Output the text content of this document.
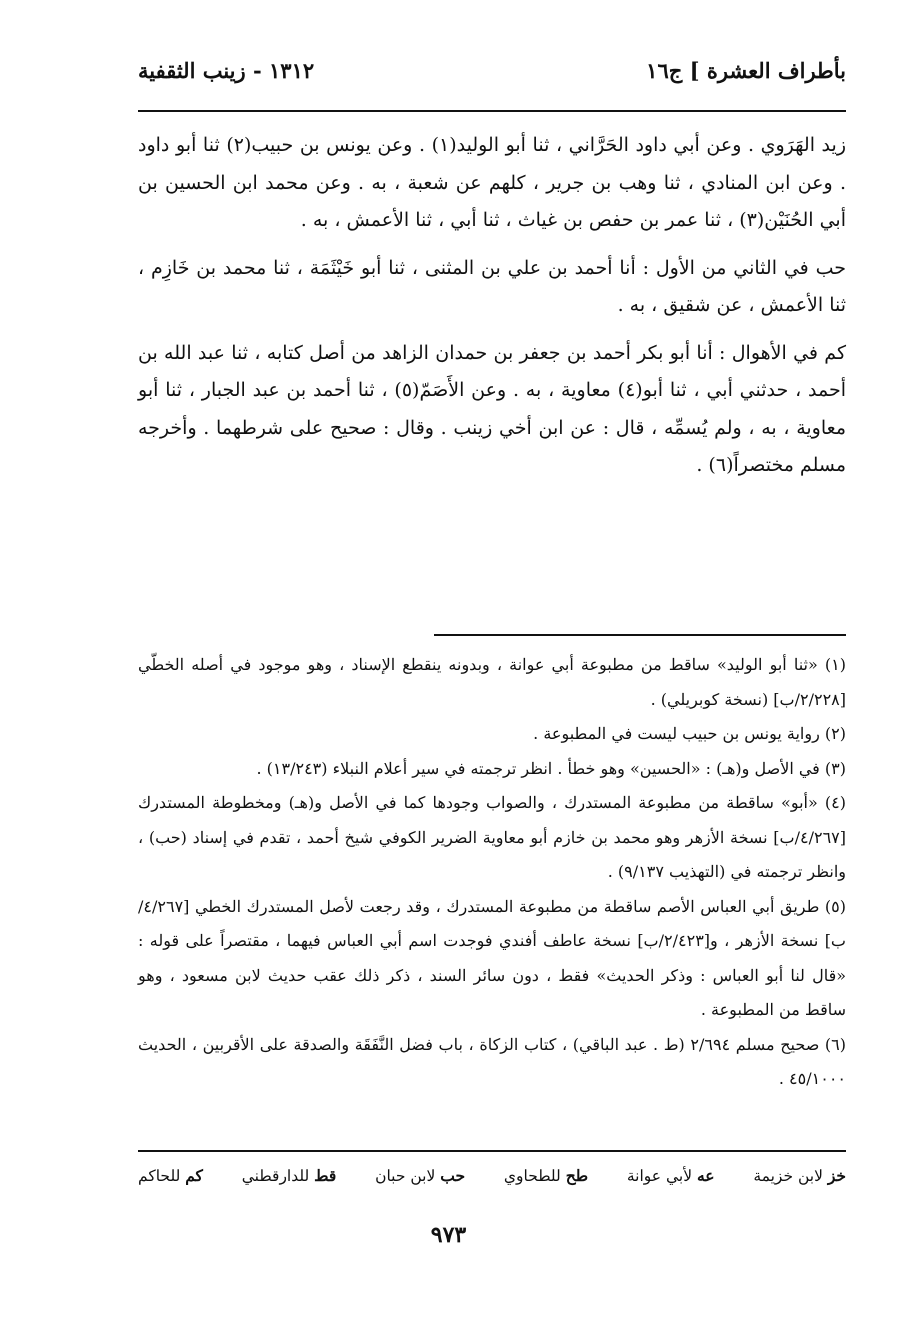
بأطراف العشرة ] ج١٦
١٣١٢ - زينب الثقفية

زيد الهَرَوي . وعن أبي داود الحَرَّاني ، ثنا أبو الوليد(١) . وعن يونس بن حبيب(٢) ثنا أبو داود . وعن ابن المنادي ، ثنا وهب بن جرير ، كلهم عن شعبة ، به . وعن محمد ابن الحسين بن أبي الحُنَيْن(٣) ، ثنا عمر بن حفص بن غياث ، ثنا أبي ، ثنا الأعمش ، به .

حب في الثاني من الأول : أنا أحمد بن علي بن المثنى ، ثنا أبو خَيْثَمَة ، ثنا محمد بن خَازِم ، ثنا الأعمش ، عن شقيق ، به .

كم في الأهوال : أنا أبو بكر أحمد بن جعفر بن حمدان الزاهد من أصل كتابه ، ثنا عبد الله بن أحمد ، حدثني أبي ، ثنا أبو(٤) معاوية ، به . وعن الأَصَمّ(٥) ، ثنا أحمد بن عبد الجبار ، ثنا أبو معاوية ، به ، ولم يُسمِّه ، قال : عن ابن أخي زينب . وقال : صحيح على شرطهما . وأخرجه مسلم مختصراً(٦) .

(١) «ثنا أبو الوليد» ساقط من مطبوعة أبي عوانة ، وبدونه ينقطع الإسناد ، وهو موجود في أصله الخطّي [٢/٢٢٨/ب] (نسخة كوبريلي) .

(٢) رواية يونس بن حبيب ليست في المطبوعة .

(٣) في الأصل و(هـ) : «الحسين» وهو خطأ . انظر ترجمته في سير أعلام النبلاء (١٣/٢٤٣) .

(٤) «أبو» ساقطة من مطبوعة المستدرك ، والصواب وجودها كما في الأصل و(هـ) ومخطوطة المستدرك [٤/٢٦٧/ب] نسخة الأزهر وهو محمد بن خازم أبو معاوية الضرير الكوفي شيخ أحمد ، تقدم في إسناد (حب) ، وانظر ترجمته في (التهذيب ٩/١٣٧) .

(٥) طريق أبي العباس الأصم ساقطة من مطبوعة المستدرك ، وقد رجعت لأصل المستدرك الخطي [٤/٢٦٧/ب] نسخة الأزهر ، و[٢/٤٢٣/ب] نسخة عاطف أفندي فوجدت اسم أبي العباس فيهما ، مقتصراً على قوله : «قال لنا أبو العباس : وذكر الحديث» فقط ، دون سائر السند ، ذكر ذلك عقب حديث لابن مسعود ، وهو ساقط من المطبوعة .

(٦) صحيح مسلم ٢/٦٩٤ (ط . عبد الباقي) ، كتاب الزكاة ، باب فضل النَّفَقَة والصدقة على الأقربين ، الحديث ٤٥/١٠٠٠ .

خز لابن خزيمة
عه لأبي عوانة
طح للطحاوي
حب لابن حبان
قط للدارقطني
كم للحاكم
٩٧٣
